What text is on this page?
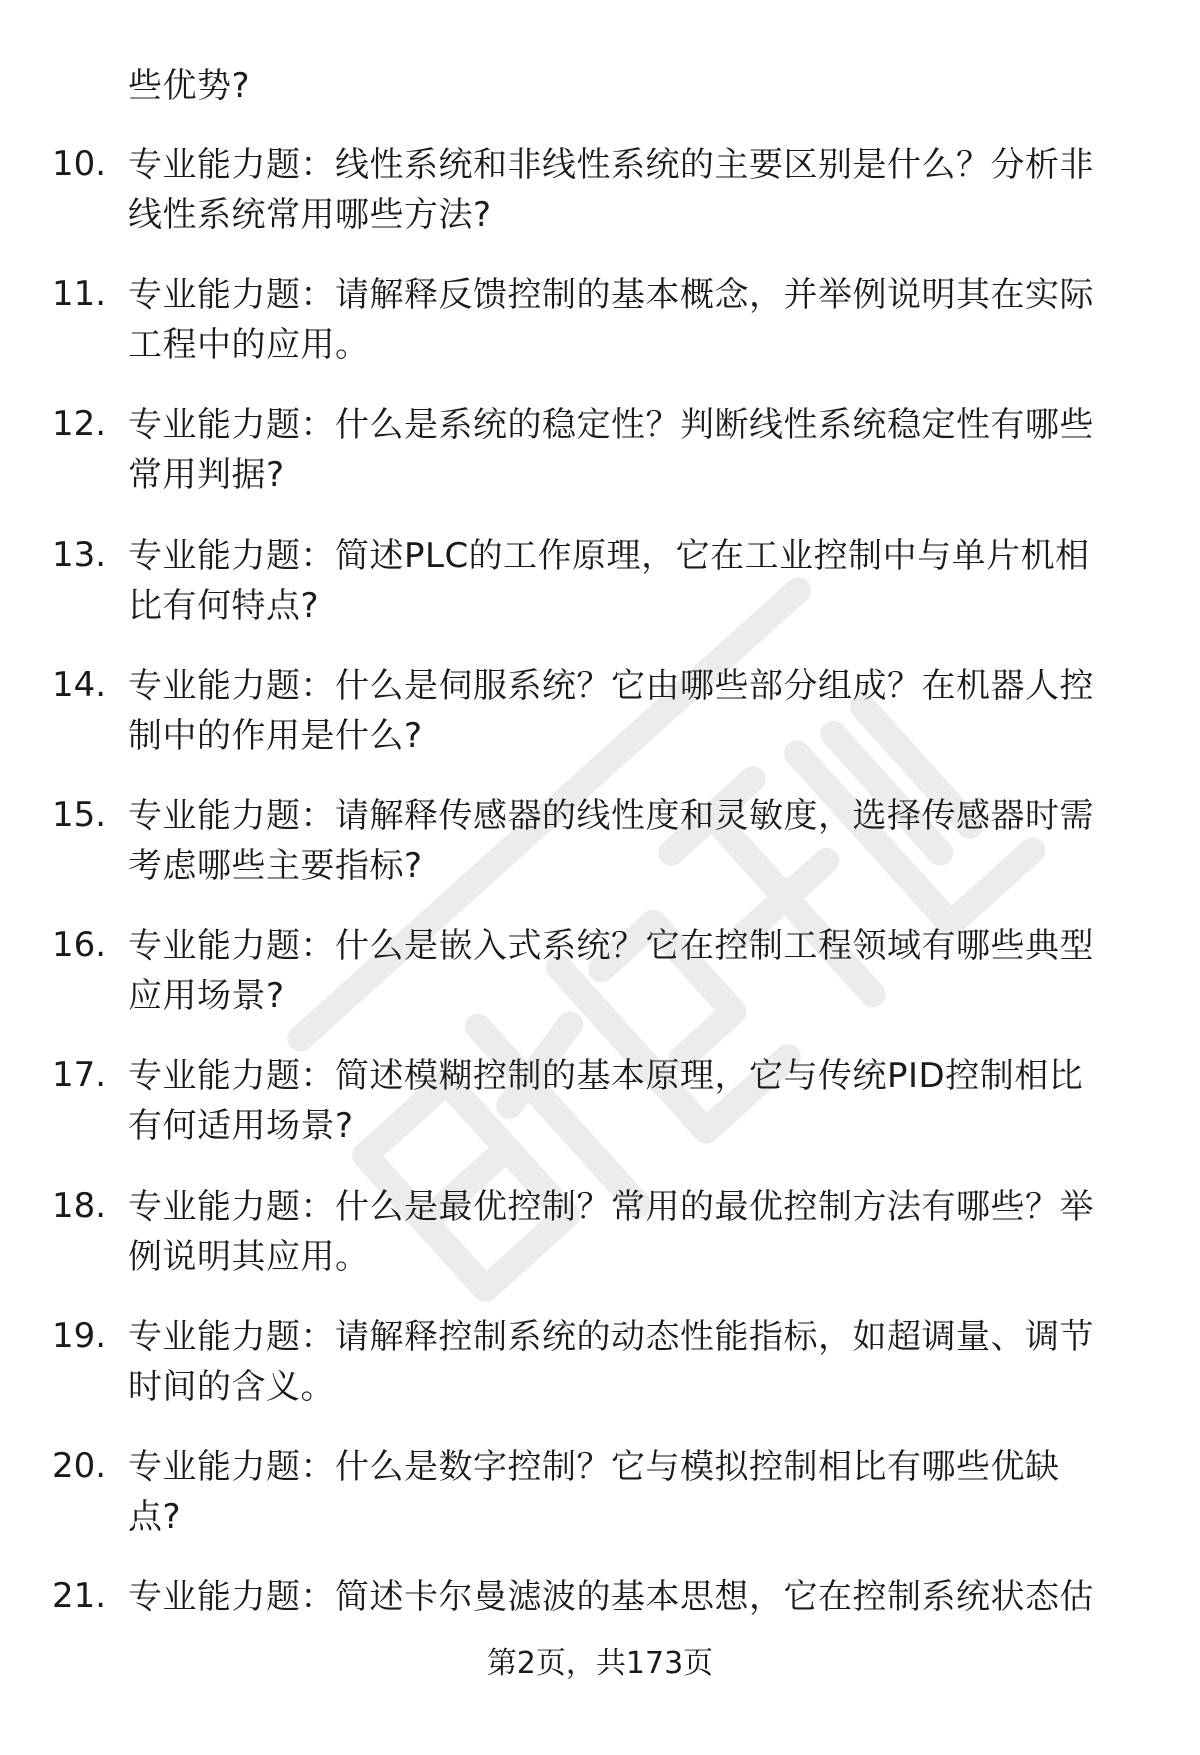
些优势?
10. 专业能力题：线性系统和非线性系统的主要区别是什么？分析非
线性系统常用哪些方法?
11. 专业能力题：请解释反馈控制的基本概念，并举例说明其在实际
工程中的应用。
12. 专业能力题：什么是系统的稳定性？判断线性系统稳定性有哪些
常用判据?
13. 专业能力题：简述PLC的工作原理，它在工业控制中与单片机相
比有何特点?
14. 专业能力题：什么是伺服系统？它由哪些部分组成？在机器人控
制中的作用是什么?
15. 专业能力题：请解释传感器的线性度和灵敏度，选择传感器时需
考虑哪些主要指标?
16. 专业能力题：什么是嵌入式系统？它在控制工程领域有哪些典型
应用场景?
17. 专业能力题：简述模糊控制的基本原理，它与传统PID控制相比
有何适用场景?
18. 专业能力题：什么是最优控制？常用的最优控制方法有哪些？举
例说明其应用。
19. 专业能力题：请解释控制系统的动态性能指标，如超调量、调节
时间的含义。
20. 专业能力题：什么是数字控制？它与模拟控制相比有哪些优缺
点?
21. 专业能力题：简述卡尔曼滤波的基本思想，它在控制系统状态估
第2页，共173页
